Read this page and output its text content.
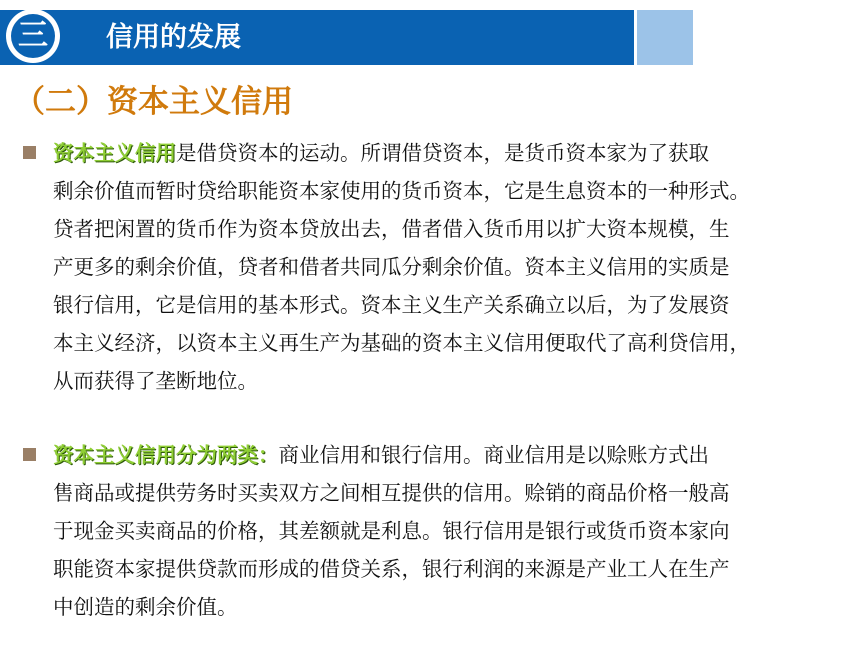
三 信用的发展
（二）资本主义信用
资本主义信用是借贷资本的运动。所谓借贷资本，是货币资本家为了获取
剩余价值而暂时贷给职能资本家使用的货币资本，它是生息资本的一种形式。
贷者把闲置的货币作为资本贷放出去，借者借入货币用以扩大资本规模，生
产更多的剩余价值，贷者和借者共同瓜分剩余价值。资本主义信用的实质是
银行信用，它是信用的基本形式。资本主义生产关系确立以后，为了发展资
本主义经济，以资本主义再生产为基础的资本主义信用便取代了高利贷信用，
从而获得了垄断地位。
资本主义信用分为两类：商业信用和银行信用。商业信用是以赊账方式出
售商品或提供劳务时买卖双方之间相互提供的信用。赊销的商品价格一般高
于现金买卖商品的价格，其差额就是利息。银行信用是银行或货币资本家向
职能资本家提供贷款而形成的借贷关系，银行利润的来源是产业工人在生产
中创造的剩余价值。
